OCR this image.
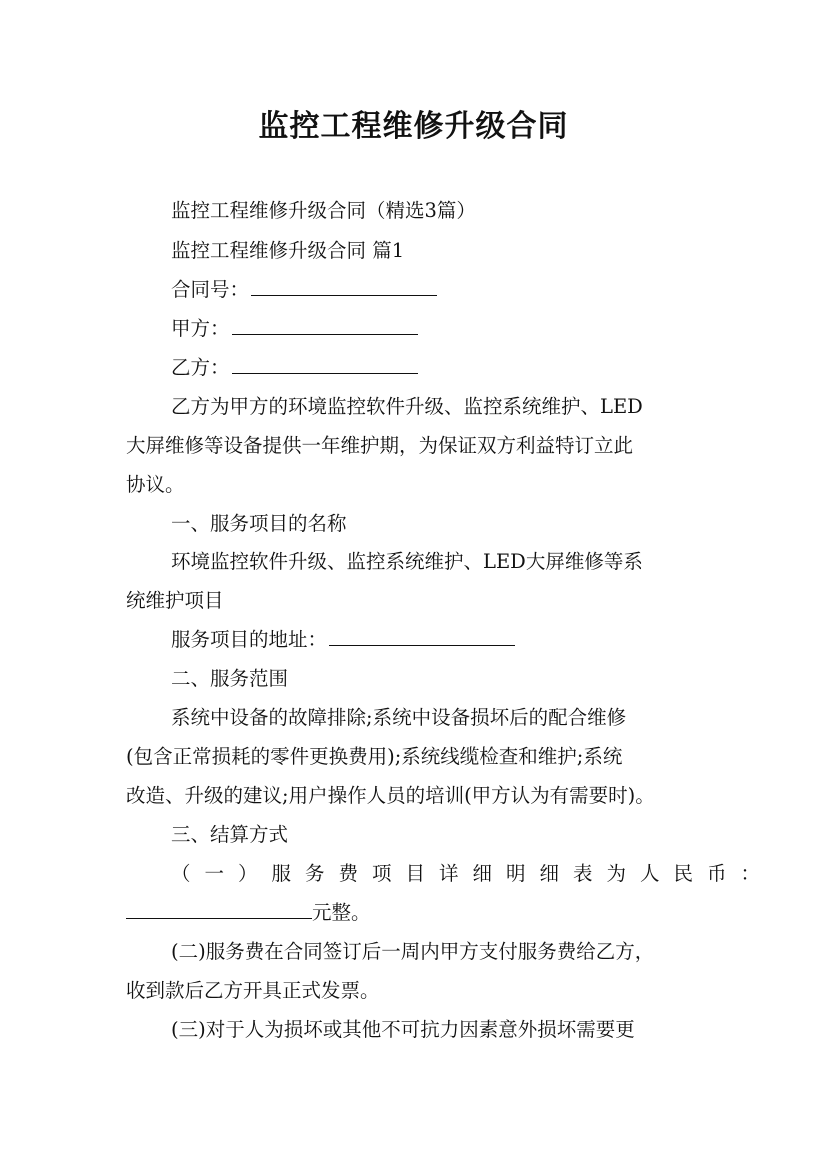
监控工程维修升级合同
监控工程维修升级合同（精选3篇）
监控工程维修升级合同 篇1
合同号：
甲方：
乙方：
乙方为甲方的环境监控软件升级、监控系统维护、LED
大屏维修等设备提供一年维护期，为保证双方利益特订立此
协议。
一、服务项目的名称
环境监控软件升级、监控系统维护、LED大屏维修等系
统维护项目
服务项目的地址：
二、服务范围
系统中设备的故障排除;系统中设备损坏后的配合维修
(包含正常损耗的零件更换费用);系统线缆检查和维护;系统
改造、升级的建议;用户操作人员的培训(甲方认为有需要时)。
三、结算方式
（一）服务费项目详细明细表为人民币：
元整。
(二)服务费在合同签订后一周内甲方支付服务费给乙方，
收到款后乙方开具正式发票。
(三)对于人为损坏或其他不可抗力因素意外损坏需要更
